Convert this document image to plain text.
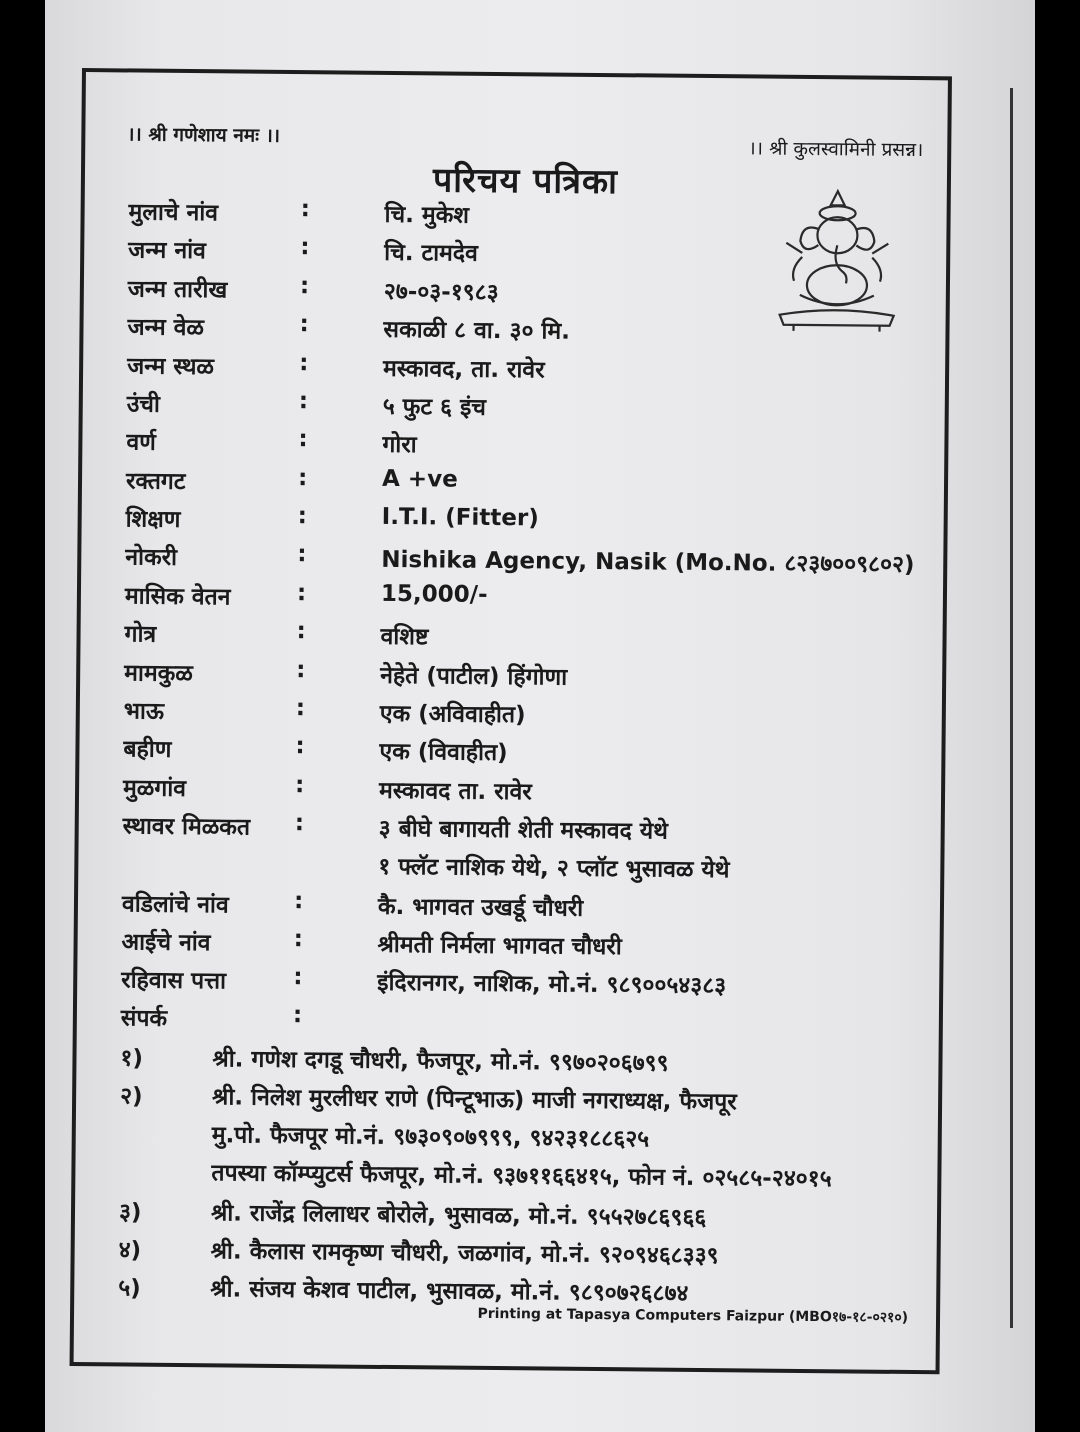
।। श्री गणेशाय नमः ।।
।। श्री कुलस्वामिनी प्रसन्न।
परिचय पत्रिका
मुलाचे नांव	:	चि. मुकेश
जन्म नांव	:	चि. टामदेव
जन्म तारीख	:	२७-०३-१९८३
जन्म वेळ	:	सकाळी ८ वा. ३० मि.
जन्म स्थळ	:	मस्कावद, ता. रावेर
उंची	:	५ फुट ६ इंच
वर्ण	:	गोरा
रक्तगट	:	A +ve
शिक्षण	:	I.T.I. (Fitter)
नोकरी	:	Nishika Agency, Nasik (Mo.No. ८२३७००९८०२)
मासिक वेतन	:	15,000/-
गोत्र	:	वशिष्ट
मामकुळ	:	नेहेते (पाटील) हिंगोणा
भाऊ	:	एक (अविवाहीत)
बहीण	:	एक (विवाहीत)
मुळगांव	:	मस्कावद ता. रावेर
स्थावर मिळकत :	३ बीघे बागायती शेती मस्कावद येथे
१ फ्लॅट नाशिक येथे, २ प्लॉट भुसावळ येथे
वडिलांचे नांव	:	कै. भागवत उखर्डू चौधरी
आईचे नांव	:	श्रीमती निर्मला भागवत चौधरी
रहिवास पत्ता	:	इंदिरानगर, नाशिक, मो.नं. ९८९००५४३८३
संपर्क	:
१)	श्री. गणेश दगडू चौधरी, फैजपूर, मो.नं. ९९७०२०६७९९
२)	श्री. निलेश मुरलीधर राणे (पिन्टूभाऊ) माजी नगराध्यक्ष, फैजपूर
मु.पो. फैजपूर मो.नं. ९७३०९०७९९९, ९४२३१८८६२५
तपस्या कॉम्प्युटर्स फैजपूर, मो.नं. ९३७११६६४१५, फोन नं. ०२५८५-२४०१५
३)	श्री. राजेंद्र लिलाधर बोरोले, भुसावळ, मो.नं. ९५५२७८६९६६
४)	श्री. कैलास रामकृष्ण चौधरी, जळगांव, मो.नं. ९२०९४६८३३९
५)	श्री. संजय केशव पाटील, भुसावळ, मो.नं. ९८९०७२६८७४
Printing at Tapasya Computers Faizpur (MBO१७-१८-०२१०)
